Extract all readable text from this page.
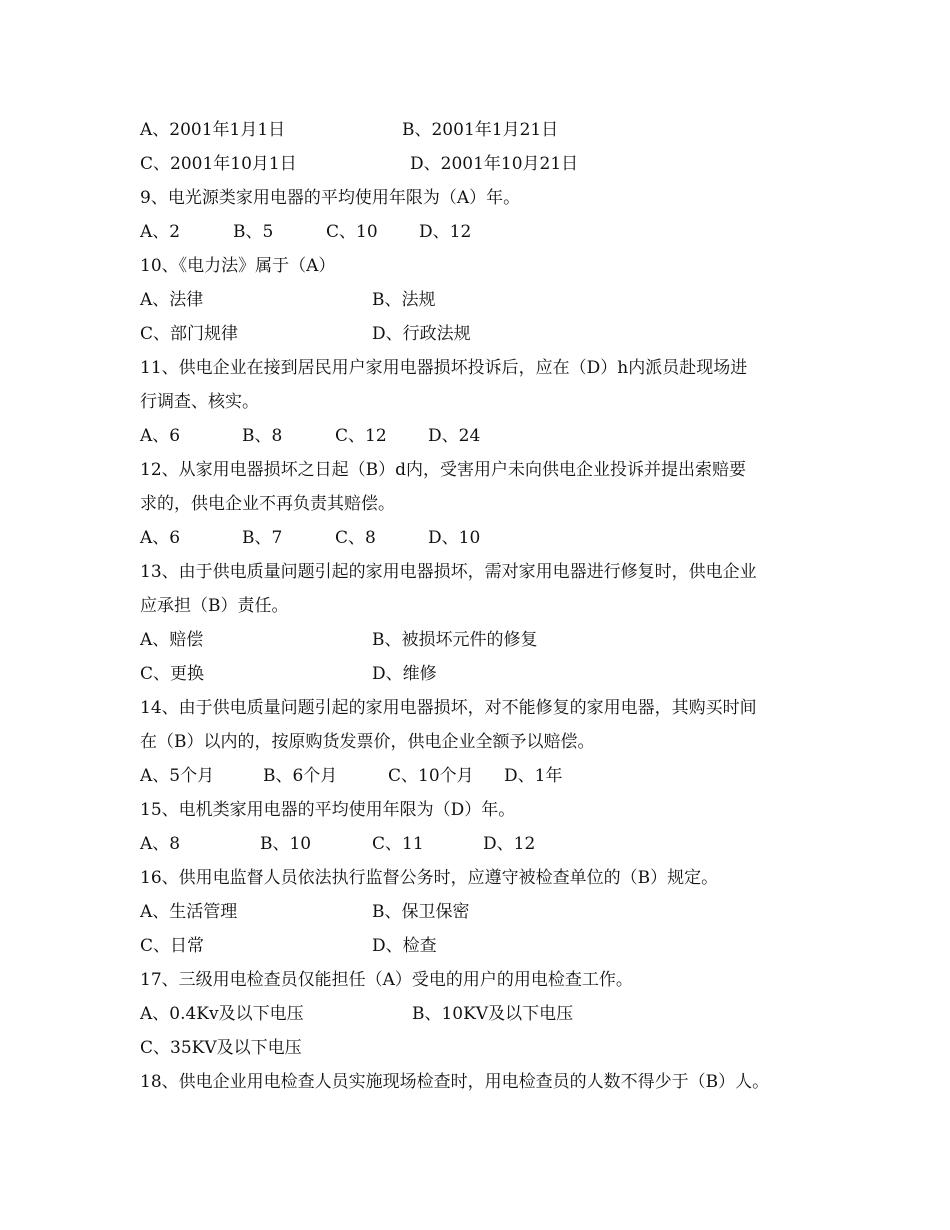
A、2001年1月1日	B、2001年1月21日
C、2001年10月1日	D、2001年10月21日
9、电光源类家用电器的平均使用年限为（A）年。
A、2	B、5	C、10 D、12
10、《电力法》属于（A）
A、法律	B、法规
C、部门规律	D、行政法规
11、供电企业在接到居民用户家用电器损坏投诉后，应在（D）h内派员赴现场进
行调查、核实。
A、6	B、8	C、12 D、24
12、从家用电器损坏之日起（B）d内，受害用户未向供电企业投诉并提出索赔要
求的，供电企业不再负责其赔偿。
A、6	B、7	C、8	D、10
13、由于供电质量问题引起的家用电器损坏，需对家用电器进行修复时，供电企业
应承担（B）责任。
A、赔偿	B、被损坏元件的修复
C、更换	D、维修
14、由于供电质量问题引起的家用电器损坏，对不能修复的家用电器，其购买时间
在（B）以内的，按原购货发票价，供电企业全额予以赔偿。
A、5个月	B、6个月	C、10个月 D、1年
15、电机类家用电器的平均使用年限为（D）年。
A、8	B、10	C、11	D、12
16、供用电监督人员依法执行监督公务时，应遵守被检查单位的（B）规定。
A、生活管理	B、保卫保密
C、日常	D、检查
17、三级用电检查员仅能担任（A）受电的用户的用电检查工作。
A、0.4Kv及以下电压	B、10KV及以下电压
C、35KV及以下电压
18、供电企业用电检查人员实施现场检查时，用电检查员的人数不得少于（B）人。
